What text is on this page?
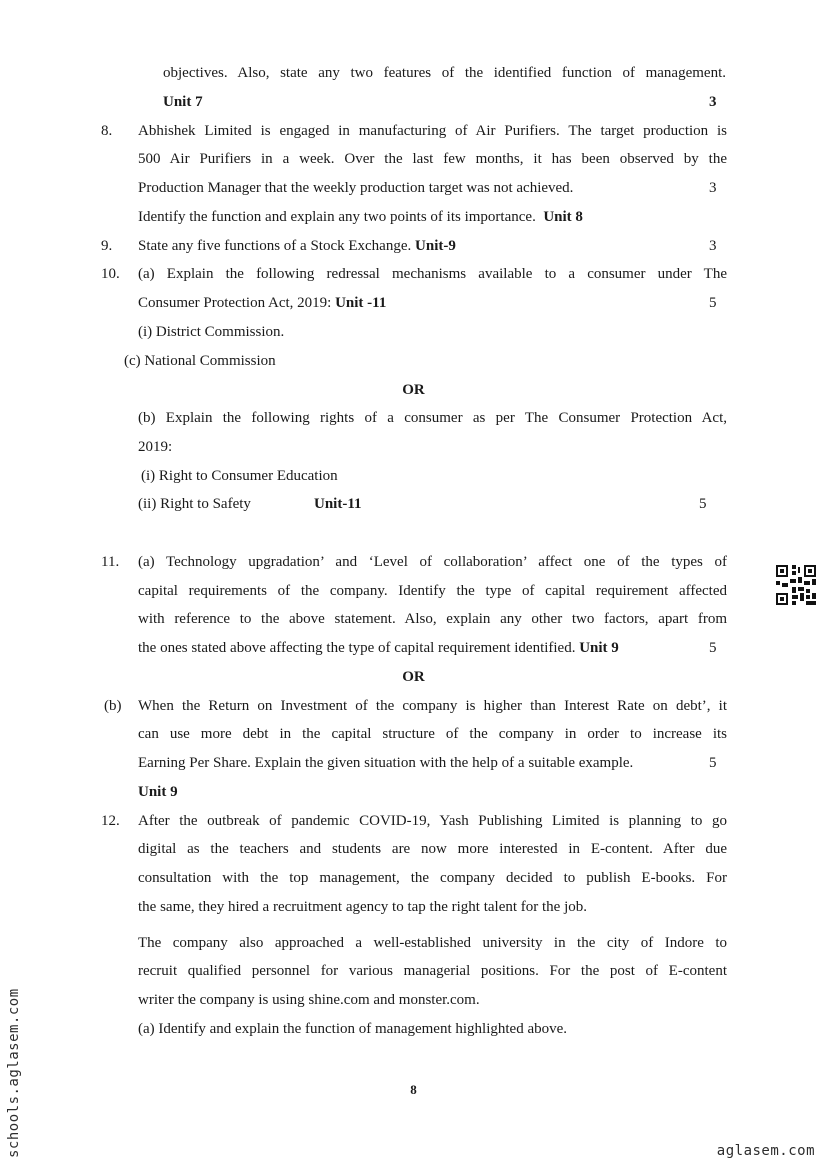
objectives. Also, state any two features of the identified function of management.
Unit 7	3
8. Abhishek Limited is engaged in manufacturing of Air Purifiers. The target production is
500 Air Purifiers in a week. Over the last few months, it has been observed by the
Production Manager that the weekly production target was not achieved.	3
Identify the function and explain any two points of its importance. Unit 8
9. State any five functions of a Stock Exchange. Unit-9	3
10. (a) Explain the following redressal mechanisms available to a consumer under The
Consumer Protection Act, 2019: Unit -11	5
(i) District Commission.
(c) National Commission
OR
(b) Explain the following rights of a consumer as per The Consumer Protection Act,
2019:
(i) Right to Consumer Education
(ii) Right to Safety	Unit-11	5
11. (a) Technology upgradation’ and ‘Level of collaboration’ affect one of the types of
capital requirements of the company. Identify the type of capital requirement affected
with reference to the above statement. Also, explain any other two factors, apart from
the ones stated above affecting the type of capital requirement identified. Unit 9	5
OR
(b) When the Return on Investment of the company is higher than Interest Rate on debt’, it
can use more debt in the capital structure of the company in order to increase its
Earning Per Share. Explain the given situation with the help of a suitable example.	5
Unit 9
12. After the outbreak of pandemic COVID-19, Yash Publishing Limited is planning to go
digital as the teachers and students are now more interested in E-content. After due
consultation with the top management, the company decided to publish E-books. For
the same, they hired a recruitment agency to tap the right talent for the job.
The company also approached a well-established university in the city of Indore to
recruit qualified personnel for various managerial positions. For the post of E-content
writer the company is using shine.com and monster.com.
(a) Identify and explain the function of management highlighted above.
8
schools.aglasem.com	aglasem.com
